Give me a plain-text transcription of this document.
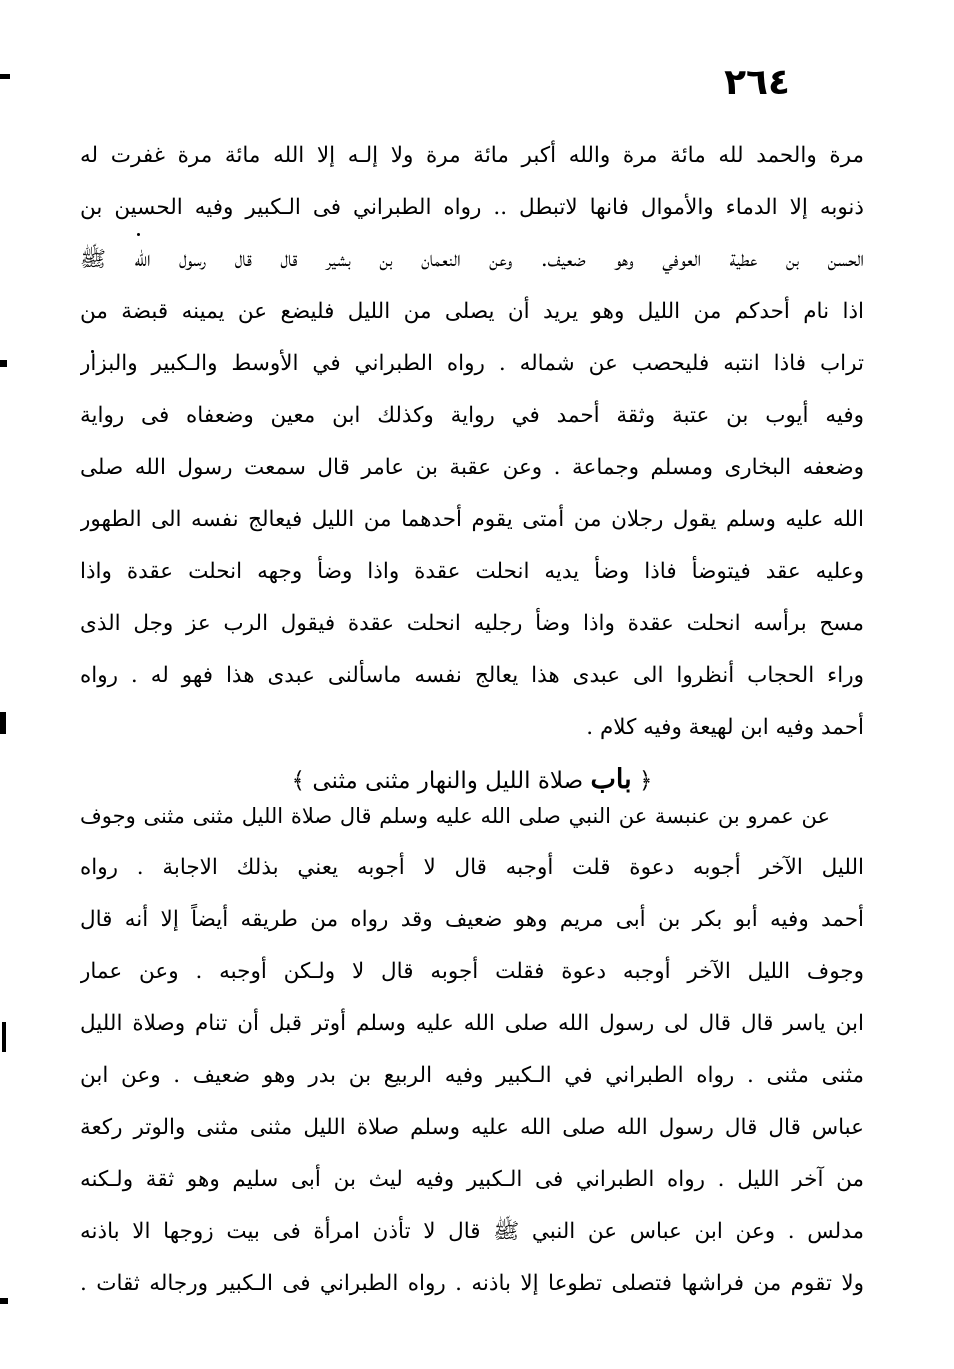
٢٦٤
مرة والحمد لله مائة مرة والله أكبر مائة مرة ولا إلـه إلا الله مائة مرة غفرت له
ذنوبه إلا الدماء والأموال فانها لاتبطل .. رواه الطبراني فى الـكبير وفيه الحسين بن
الحسن بن عطية العوفي وهو ضعيف. وعن النعمان بن بشير قال قال رسول الله ﷺ
اذا نام أحدكم من الليل وهو يريد أن يصلى من الليل فليضع عن يمينه قبضة من
تراب فاذا انتبه فليحصب عن شماله . رواه الطبراني في الأوسط والـكبير والبزار
وفيه أيوب بن عتبة وثقة أحمد في رواية وكذلك ابن معين وضعفاه فى رواية
وضعفه البخارى ومسلم وجماعة . وعن عقبة بن عامر قال سمعت رسول الله صلى
الله عليه وسلم يقول رجلان من أمتى يقوم أحدهما من الليل فيعالج نفسه الى الطهور
وعليه عقد فيتوضأ فاذا وضأ يديه انحلت عقدة واذا وضأ وجهه انحلت عقدة واذا
مسح برأسه انحلت عقدة واذا وضأ رجليه انحلت عقدة فيقول الرب عز وجل الذى
وراء الحجاب أنظروا الى عبدى هذا يعالج نفسه ماسألنى عبدى هذا فهو له . رواه
أحمد وفيه ابن لهيعة وفيه كلام .
﴿ باب صلاة الليل والنهار مثنى مثنى ﴾
عن عمرو بن عنبسة عن النبي صلى الله عليه وسلم قال صلاة الليل مثنى مثنى وجوف
الليل الآخر أجوبه دعوة قلت أوجبه قال لا أجوبه يعني بذلك الاجابة . رواه
أحمد وفيه أبو بكر بن أبى مريم وهو ضعيف وقد رواه من طريقه أيضاً إلا أنه قال
وجوف الليل الآخر أوجبه دعوة فقلت أجوبه قال لا ولـكن أوجبه . وعن عمار
ابن ياسر قال قال لى رسول الله صلى الله عليه وسلم أوتر قبل أن تنام وصلاة الليل
مثنى مثنى . رواه الطبراني في الـكبير وفيه الربيع بن بدر وهو ضعيف . وعن ابن
عباس قال قال رسول الله صلى الله عليه وسلم صلاة الليل مثنى مثنى والوتر ركعة
من آخر الليل . رواه الطبراني فى الـكبير وفيه ليث بن أبى سليم وهو ثقة ولـكنه
مدلس . وعن ابن عباس عن النبي ﷺ قال لا تأذن امرأة فى بيت زوجها الا باذنه
ولا تقوم من فراشها فتصلى تطوعا إلا باذنه . رواه الطبراني فى الـكبير ورجاله ثقات .
